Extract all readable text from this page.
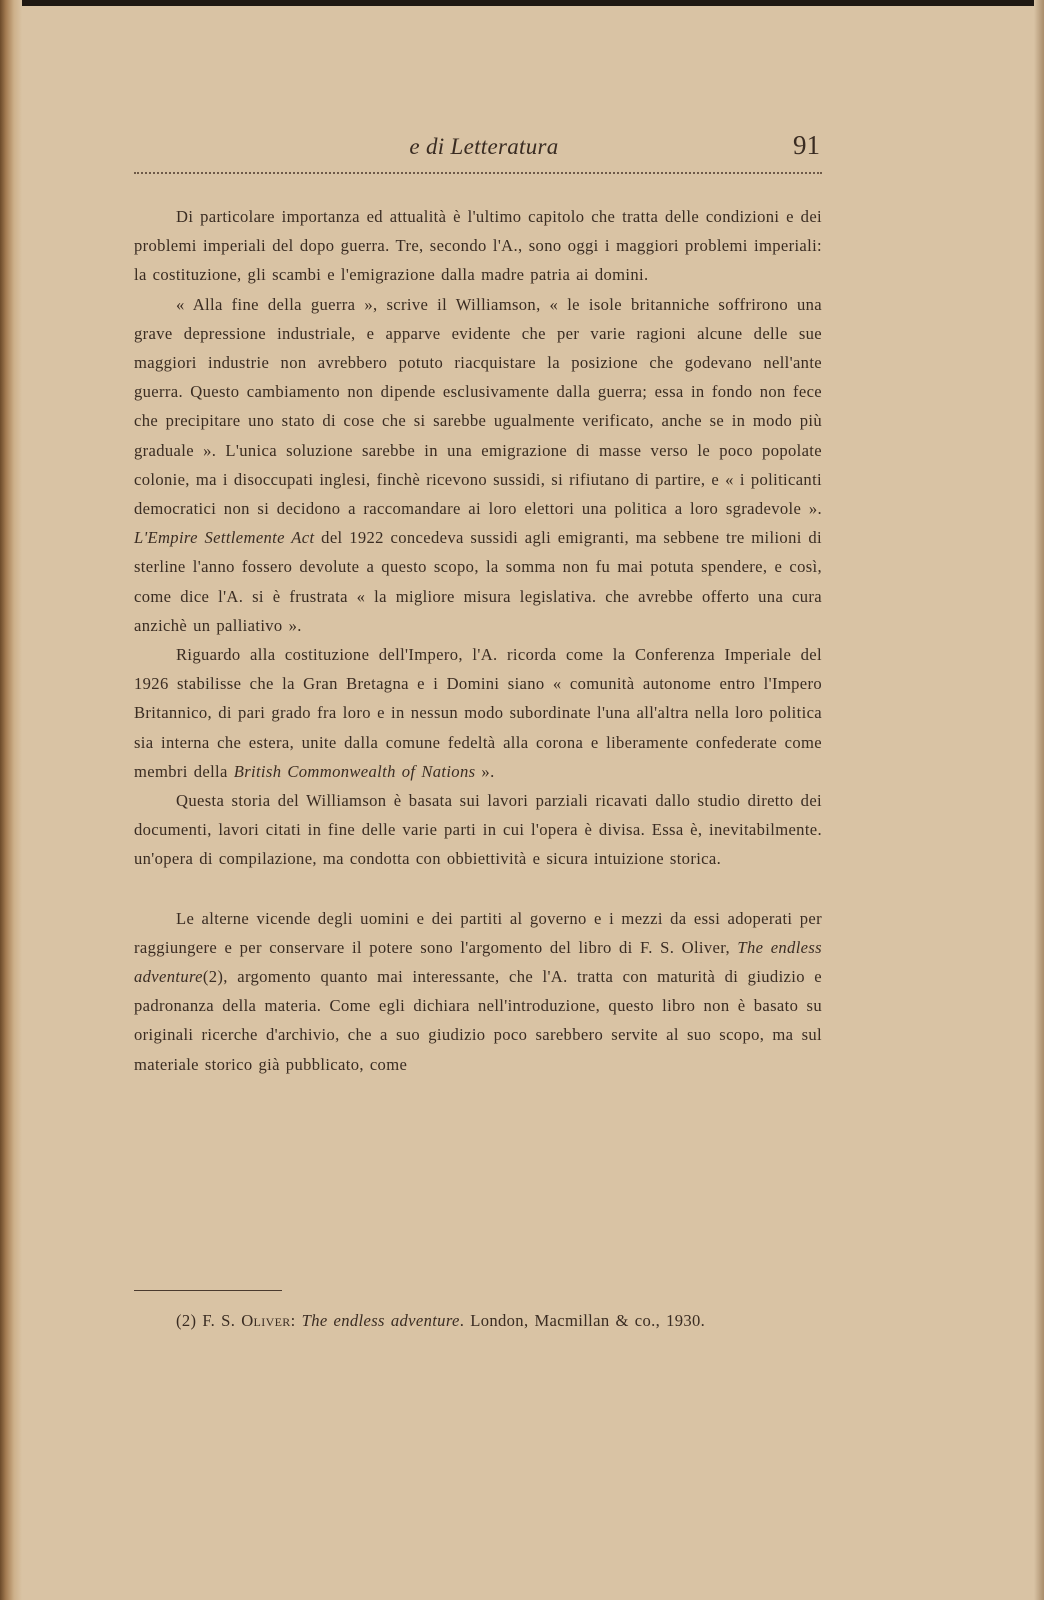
e di Letteratura	91

Di particolare importanza ed attualità è l'ultimo capitolo che tratta delle condizioni e dei problemi imperiali del dopo guerra. Tre, secondo l'A., sono oggi i maggiori problemi imperiali: la costituzione, gli scambi e l'emigrazione dalla madre patria ai domini.

« Alla fine della guerra », scrive il Williamson, « le isole britanniche soffrirono una grave depressione industriale, e apparve evidente che per varie ragioni alcune delle sue maggiori industrie non avrebbero potuto riacquistare la posizione che godevano nell'ante guerra. Questo cambiamento non dipende esclusivamente dalla guerra; essa in fondo non fece che precipitare uno stato di cose che si sarebbe ugualmente verificato, anche se in modo più graduale ». L'unica soluzione sarebbe in una emigrazione di masse verso le poco popolate colonie, ma i disoccupati inglesi, finchè ricevono sussidi, si rifiutano di partire, e « i politicanti democratici non si decidono a raccomandare ai loro elettori una politica a loro sgradevole ». L'Empire Settlemente Act del 1922 concedeva sussidi agli emigranti, ma sebbene tre milioni di sterline l'anno fossero devolute a questo scopo, la somma non fu mai potuta spendere, e così, come dice l'A. si è frustrata « la migliore misura legislativa. che avrebbe offerto una cura anzichè un palliativo ».

Riguardo alla costituzione dell'Impero, l'A. ricorda come la Conferenza Imperiale del 1926 stabilisse che la Gran Bretagna e i Domini siano « comunità autonome entro l'Impero Britannico, di pari grado fra loro e in nessun modo subordinate l'una all'altra nella loro politica sia interna che estera, unite dalla comune fedeltà alla corona e liberamente confederate come membri della British Commonwealth of Nations ».

Questa storia del Williamson è basata sui lavori parziali ricavati dallo studio diretto dei documenti, lavori citati in fine delle varie parti in cui l'opera è divisa. Essa è, inevitabilmente. un'opera di compilazione, ma condotta con obbiettività e sicura intuizione storica.

Le alterne vicende degli uomini e dei partiti al governo e i mezzi da essi adoperati per raggiungere e per conservare il potere sono l'argomento del libro di F. S. Oliver, The endless adventure(2), argomento quanto mai interessante, che l'A. tratta con maturità di giudizio e padronanza della materia. Come egli dichiara nell'introduzione, questo libro non è basato su originali ricerche d'archivio, che a suo giudizio poco sarebbero servite al suo scopo, ma sul materiale storico già pubblicato, come

(2) F. S. Oliver: The endless adventure. London, Macmillan & co., 1930.
